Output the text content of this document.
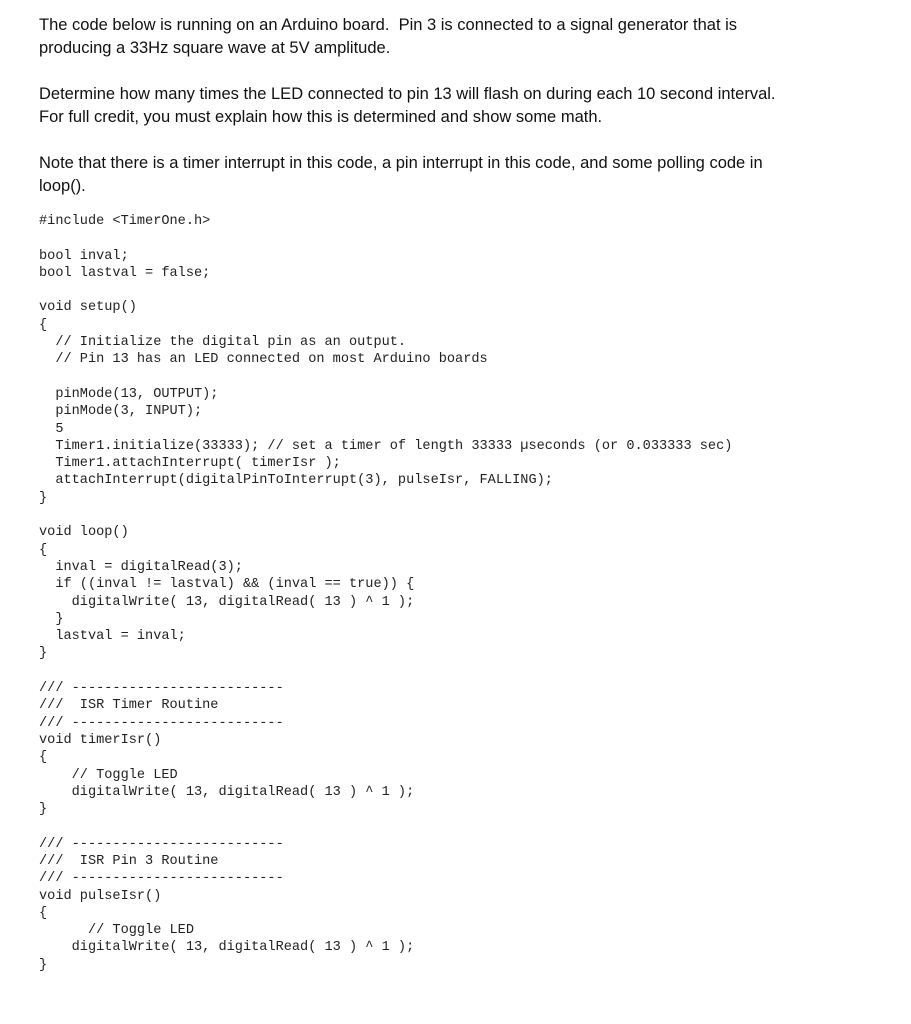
The code below is running on an Arduino board.  Pin 3 is connected to a signal generator that is
producing a 33Hz square wave at 5V amplitude.

Determine how many times the LED connected to pin 13 will flash on during each 10 second interval.
For full credit, you must explain how this is determined and show some math.

Note that there is a timer interrupt in this code, a pin interrupt in this code, and some polling code in
loop().

#include <TimerOne.h>
bool inval;
bool lastval = false;
void setup()
{
// Initialize the digital pin as an output.
// Pin 13 has an LED connected on most Arduino boards
pinMode(13, OUTPUT);
pinMode(3, INPUT);
5
Timer1.initialize(33333); // set a timer of length 33333 µseconds (or 0.033333 sec)
Timer1.attachInterrupt( timerIsr );
attachInterrupt(digitalPinToInterrupt(3), pulseIsr, FALLING);
}
void loop()
{
inval = digitalRead(3);
if ((inval != lastval) && (inval == true)) {
digitalWrite( 13, digitalRead( 13 ) ^ 1 );
}
lastval = inval;
}
/// --------------------------
///  ISR Timer Routine
/// --------------------------
void timerIsr()
{
// Toggle LED
digitalWrite( 13, digitalRead( 13 ) ^ 1 );
}
/// --------------------------
///  ISR Pin 3 Routine
/// --------------------------
void pulseIsr()
{
// Toggle LED
digitalWrite( 13, digitalRead( 13 ) ^ 1 );
}
